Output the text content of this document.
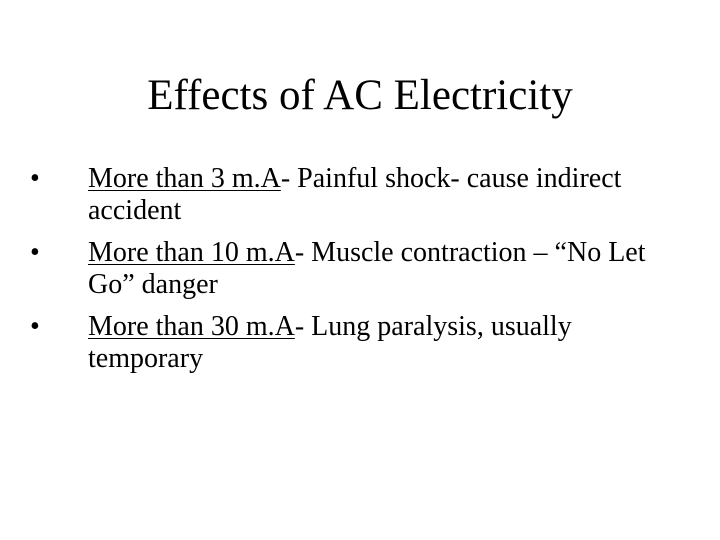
Effects of AC Electricity
•	More than 3 m.A- Painful shock- cause indirect accident
•	More than 10 m.A- Muscle contraction – “No Let Go” danger
•	More than 30 m.A- Lung paralysis, usually temporary
